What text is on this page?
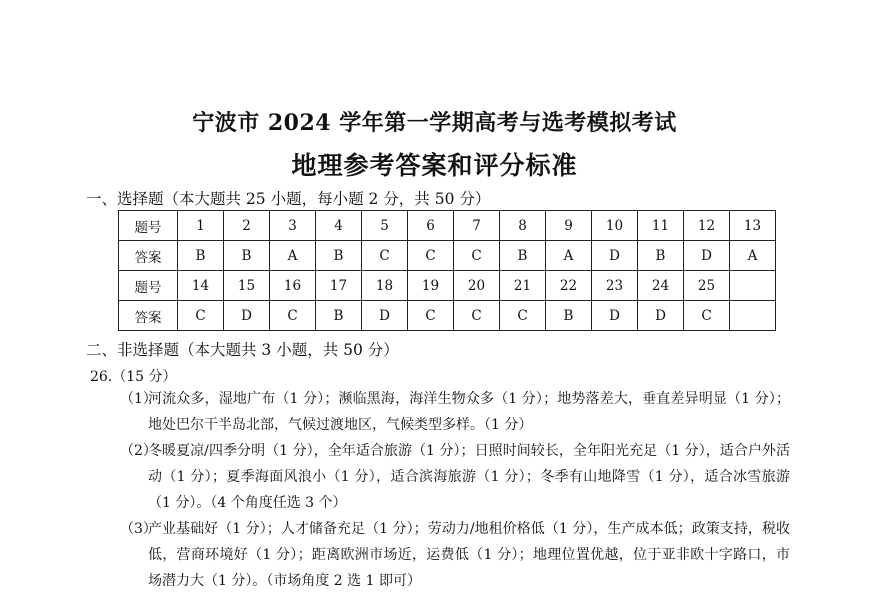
宁波市 2024 学年第一学期高考与选考模拟考试
地理参考答案和评分标准
一、选择题（本大题共 25 小题，每小题 2 分，共 50 分）
题号	1	2	3	4	5	6	7	8	9	10	11	12	13
答案	B	B	A	B	C	C	C	B	A	D	B	D	A
题号	14	15	16	17	18	19	20	21	22	23	24	25	
答案	C	D	C	B	D	C	C	C	B	D	D	C	
二、非选择题（本大题共 3 小题，共 50 分）
26.（15 分）
（1）
河流众多，湿地广布（1 分）；濒临黑海，海洋生物众多（1 分）；地势落差大，垂直差异明显（1 分）；地处巴尔干半岛北部，气候过渡地区，气候类型多样。（1 分）
（2）
冬暖夏凉/四季分明（1 分），全年适合旅游（1 分）；日照时间较长，全年阳光充足（1 分），适合户外活动（1 分）；夏季海面风浪小（1 分），适合滨海旅游（1 分）；冬季有山地降雪（1 分），适合冰雪旅游（1 分）。（4 个角度任选 3 个）
（3）
产业基础好（1 分）；人才储备充足（1 分）；劳动力/地租价格低（1 分），生产成本低；政策支持，税收低，营商环境好（1 分）；距离欧洲市场近，运费低（1 分）；地理位置优越，位于亚非欧十字路口，市场潜力大（1 分）。（市场角度 2 选 1 即可）
